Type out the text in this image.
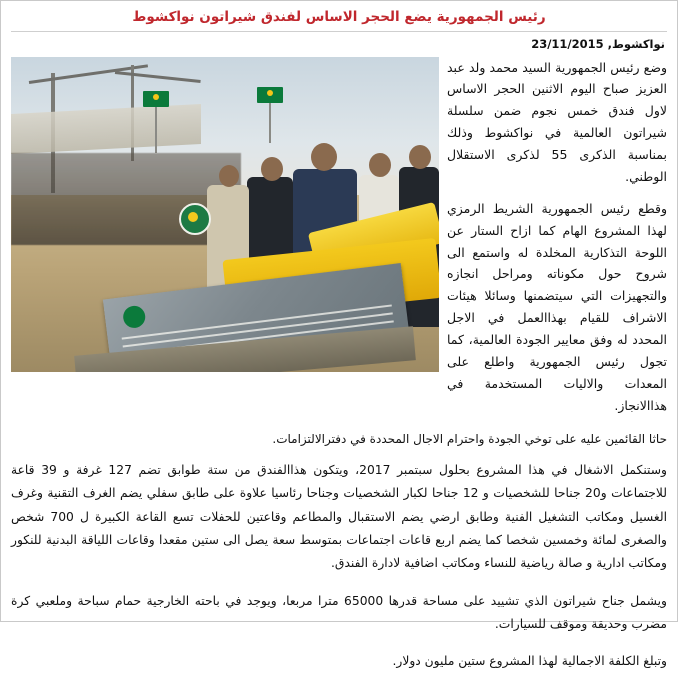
رئيس الجمهورية يضع الحجر الاساس لفندق شيراتون نواكشوط
نواكشوط, 23/11/2015

وضع رئيس الجمهورية السيد محمد ولد عبد العزيز صباح اليوم الاثنين الحجر الاساس لاول فندق خمس نجوم ضمن سلسلة شيراتون العالمية في نواكشوط وذلك بمناسبة الذكرى 55 لذكرى الاستقلال الوطني.

وقطع رئيس الجمهورية الشريط الرمزي لهذا المشروع الهام كما ازاح الستار عن اللوحة التذكارية المخلدة له واستمع الى شروح حول مكوناته ومراحل انجازه والتجهيزات التي سيتضمنها وسائلا هيئات الاشراف للقيام بهذاالعمل في الاجل المحدد له وفق معايير الجودة العالمية، كما تجول رئيس الجمهورية واطلع على المعدات والاليات المستخدمة في هذاالانجاز.

حاثا القائمين عليه على توخي الجودة واحترام الاجال المحددة في دفترالالتزامات.

وستنكمل الاشغال في هذا المشروع بحلول سبتمبر 2017، ويتكون هذاالفندق من ستة طوابق تضم 127 غرفة و 39 قاعة للاجتماعات و20 جناحا للشخصيات و 12 جناحا لكبار الشخصيات وجناحا رئاسيا علاوة على طابق سفلي يضم الغرف التقنية وغرف الغسيل ومكاتب التشغيل الفنية وطابق ارضي يضم الاستقبال والمطاعم وقاعتين للحفلات تسع القاعة الكبيرة ل 700 شخص والصغرى لمائة وخمسين شخصا كما يضم اربع قاعات اجتماعات بمتوسط سعة يصل الى ستين مقعدا وقاعات اللياقة البدنية للنكور ومكاتب ادارية و صالة رياضية للنساء ومكاتب اضافية لادارة الفندق.

ويشمل جناح شيراتون الذي تشييد على مساحة قدرها 65000 مترا مربعا، ويوجد في باحته الخارجية حمام سباحة وملعبي كرة مضرب وحديقة وموقف للسيارات.

وتبلغ الكلفة الاجمالية لهذا المشروع ستين مليون دولار.
